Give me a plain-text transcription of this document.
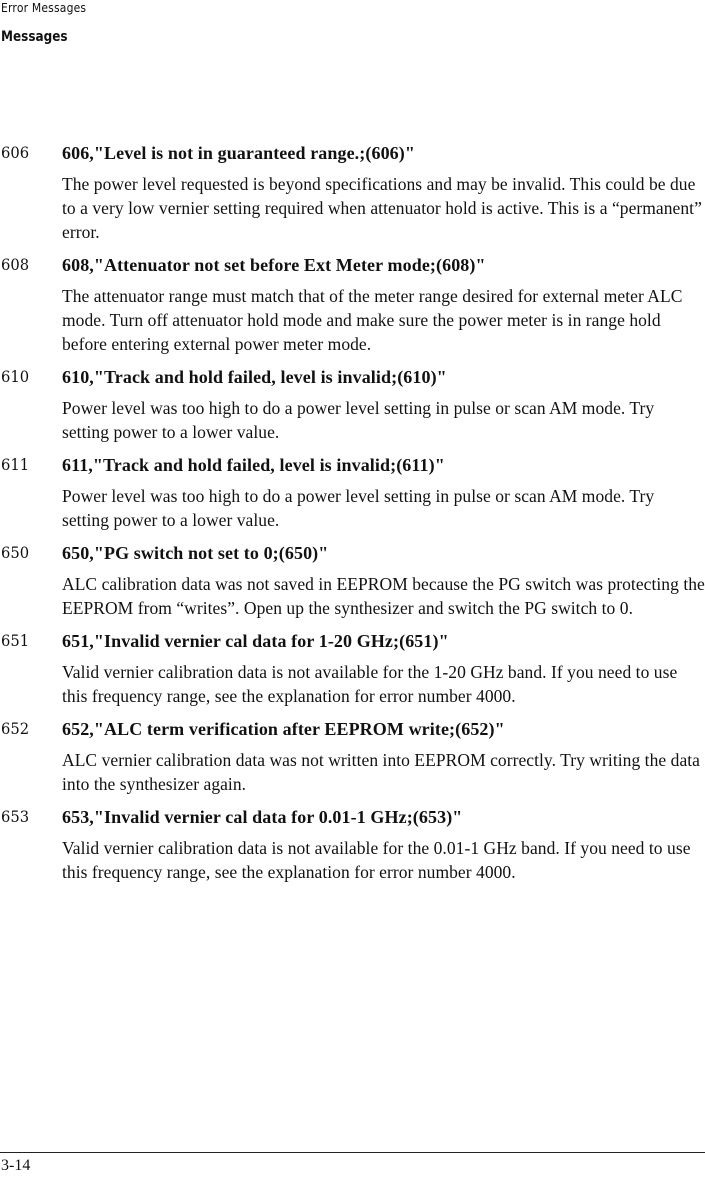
Error Messages
Messages
606 606,"Level is not in guaranteed range.;(606)"
The power level requested is beyond specifications and may be invalid. This could be due to a very low vernier setting required when attenuator hold is active. This is a “permanent” error.
608 608,"Attenuator not set before Ext Meter mode;(608)"
The attenuator range must match that of the meter range desired for external meter ALC mode. Turn off attenuator hold mode and make sure the power meter is in range hold before entering external power meter mode.
610 610,"Track and hold failed, level is invalid;(610)"
Power level was too high to do a power level setting in pulse or scan AM mode. Try setting power to a lower value.
611 611,"Track and hold failed, level is invalid;(611)"
Power level was too high to do a power level setting in pulse or scan AM mode. Try setting power to a lower value.
650 650,"PG switch not set to 0;(650)"
ALC calibration data was not saved in EEPROM because the PG switch was protecting the EEPROM from “writes”. Open up the synthesizer and switch the PG switch to 0.
651 651,"Invalid vernier cal data for 1-20 GHz;(651)"
Valid vernier calibration data is not available for the 1-20 GHz band. If you need to use this frequency range, see the explanation for error number 4000.
652 652,"ALC term verification after EEPROM write;(652)"
ALC vernier calibration data was not written into EEPROM correctly. Try writing the data into the synthesizer again.
653 653,"Invalid vernier cal data for 0.01-1 GHz;(653)"
Valid vernier calibration data is not available for the 0.01-1 GHz band. If you need to use this frequency range, see the explanation for error number 4000.
3-14
